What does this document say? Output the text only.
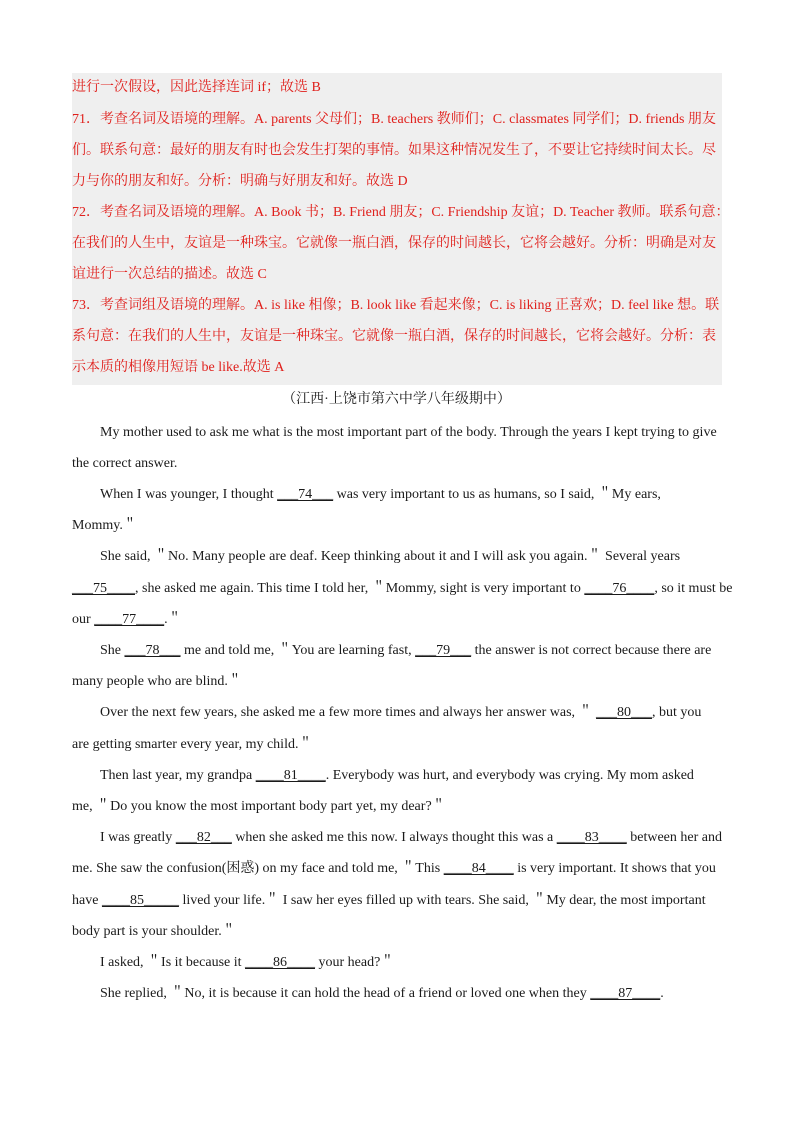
进行一次假设，因此选择连词 if；故选 B
71．考查名词及语境的理解。A. parents 父母们；B. teachers 教师们；C. classmates 同学们；D. friends 朋友
们。联系句意：最好的朋友有时也会发生打架的事情。如果这种情况发生了，不要让它持续时间太长。尽
力与你的朋友和好。分析：明确与好朋友和好。故选 D
72．考查名词及语境的理解。A. Book 书；B. Friend 朋友；C. Friendship 友谊；D. Teacher 教师。联系句意：
在我们的人生中，友谊是一种珠宝。它就像一瓶白酒，保存的时间越长，它将会越好。分析：明确是对友
谊进行一次总结的描述。故选 C
73．考查词组及语境的理解。A. is like 相像；B. look like 看起来像；C. is liking 正喜欢；D. feel like 想。联
系句意：在我们的人生中，友谊是一种珠宝。它就像一瓶白酒，保存的时间越长，它将会越好。分析：表
示本质的相像用短语 be like.故选 A
（江西·上饶市第六中学八年级期中）
My mother used to ask me what is the most important part of the body. Through the years I kept trying to give
the correct answer.
When I was younger, I thought ___74___ was very important to us as humans, so I said, ＂My ears,
Mommy.＂
She said, ＂No. Many people are deaf. Keep thinking about it and I will ask you again.＂ Several years
___75____, she asked me again. This time I told her, ＂Mommy, sight is very important to ____76____, so it must be
our ____77____.＂
She ___78___ me and told me, ＂You are learning fast, ___79___ the answer is not correct because there are
many people who are blind.＂
Over the next few years, she asked me a few more times and always her answer was, ＂ ___80___, but you
are getting smarter every year, my child.＂
Then last year, my grandpa ____81____. Everybody was hurt, and everybody was crying. My mom asked
me, ＂Do you know the most important body part yet, my dear?＂
I was greatly ___82___ when she asked me this now. I always thought this was a ____83____ between her and
me. She saw the confusion(困惑) on my face and told me, ＂This ____84____ is very important. It shows that you
have ____85_____ lived your life.＂ I saw her eyes filled up with tears. She said, ＂My dear, the most important
body part is your shoulder.＂
I asked, ＂Is it because it ____86____ your head?＂
She replied, ＂No, it is because it can hold the head of a friend or loved one when they ____87____.
